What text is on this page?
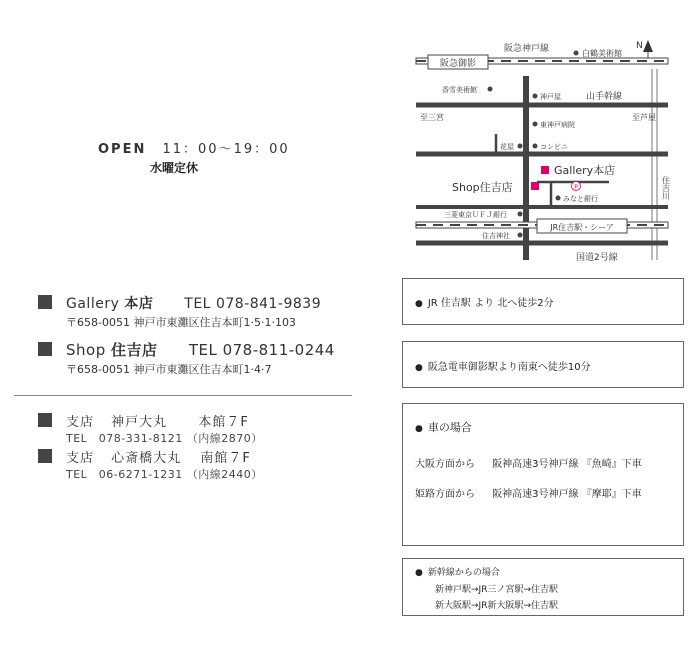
OPEN 11：00～19：00
水曜定休
Gallery 本店 TEL 078-841-9839
〒658-0051 神戸市東灘区住吉本町1·5·1·103
Shop 住吉店 TEL 078-811-0244
〒658-0051 神戸市東灘区住吉本町1·4·7
支店 神戸大丸 本館７F
TEL　078-331-8121 （内線2870）
支店 心斎橋大丸 南館７F
TEL　06-6271-1231 （内線2440）
阪急御影
阪急神戸線	白鶴美術館
N
住吉川
JR住吉駅・シーア
香雪美術館
神戸屋	山手幹線
至三宮	至芦屋
東神戸病院
花屋	コンビニ
Gallery本店
Shop住吉店	P
みなと銀行
三菱東京ＵＦＪ銀行
住吉神社
国道2号線

● JR 住吉駅 より 北へ徒歩2分

● 阪急電車御影駅より南東へ徒歩10分

● 車の場合

大阪方面から 阪神高速3号神戸線 『魚崎』下車

姫路方面から 阪神高速3号神戸線 『摩耶』下車

● 新幹線からの場合

新神戸駅→JR三ノ宮駅→住吉駅

新大阪駅→JR新大阪駅→住吉駅
